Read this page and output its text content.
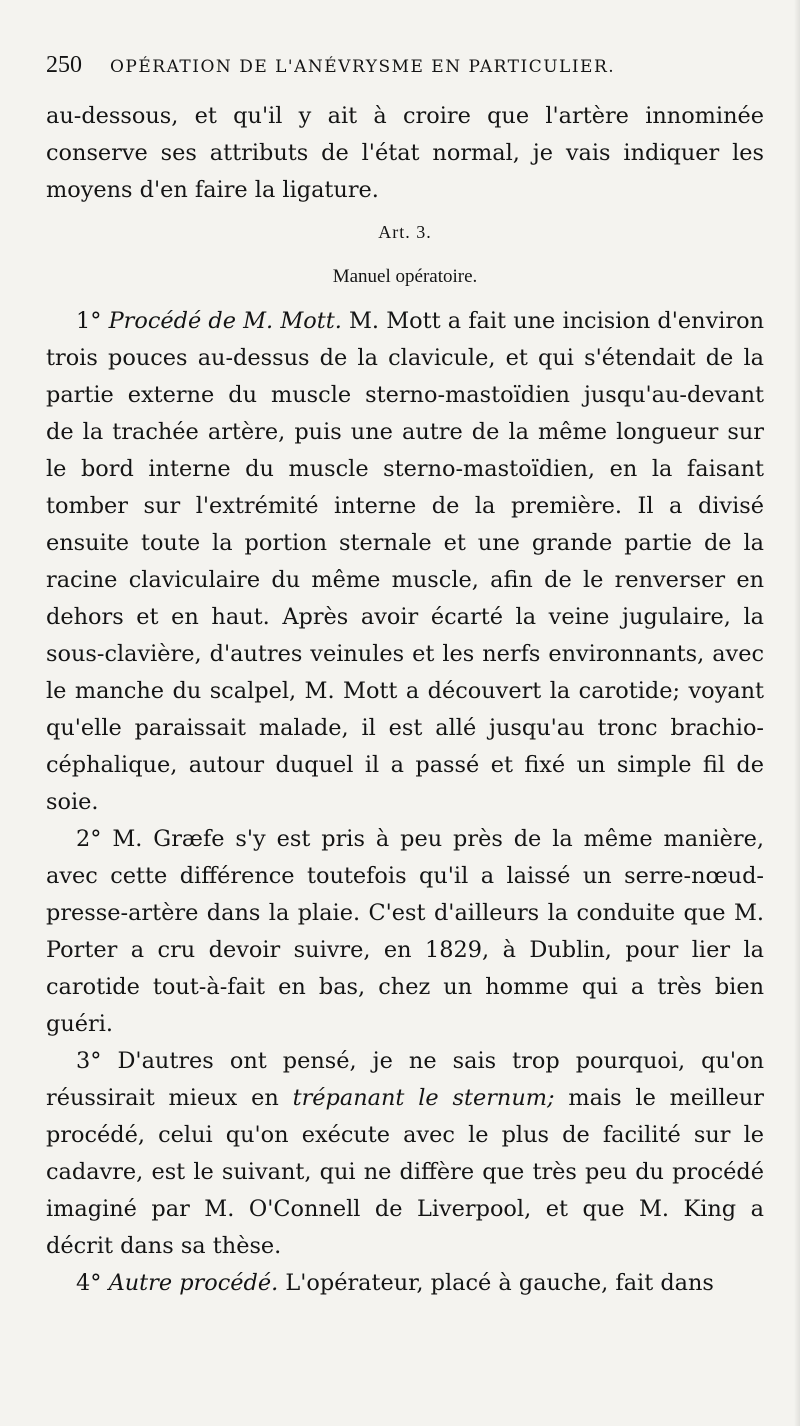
250 OPÉRATION DE L'ANÉVRYSME EN PARTICULIER.

au-dessous, et qu'il y ait à croire que l'artère innominée conserve ses attributs de l'état normal, je vais indiquer les moyens d'en faire la ligature.

Art. 3.
Manuel opératoire.

1° Procédé de M. Mott. M. Mott a fait une incision d'environ trois pouces au-dessus de la clavicule, et qui s'étendait de la partie externe du muscle sterno-mastoïdien jusqu'au-devant de la trachée artère, puis une autre de la même longueur sur le bord interne du muscle sterno-mastoïdien, en la faisant tomber sur l'extrémité interne de la première. Il a divisé ensuite toute la portion sternale et une grande partie de la racine claviculaire du même muscle, afin de le renverser en dehors et en haut. Après avoir écarté la veine jugulaire, la sous-clavière, d'autres veinules et les nerfs environnants, avec le manche du scalpel, M. Mott a découvert la carotide; voyant qu'elle paraissait malade, il est allé jusqu'au tronc brachio-céphalique, autour duquel il a passé et fixé un simple fil de soie.

2° M. Græfe s'y est pris à peu près de la même manière, avec cette différence toutefois qu'il a laissé un serre-nœud-presse-artère dans la plaie. C'est d'ailleurs la conduite que M. Porter a cru devoir suivre, en 1829, à Dublin, pour lier la carotide tout-à-fait en bas, chez un homme qui a très bien guéri.

3° D'autres ont pensé, je ne sais trop pourquoi, qu'on réussirait mieux en trépanant le sternum; mais le meilleur procédé, celui qu'on exécute avec le plus de facilité sur le cadavre, est le suivant, qui ne diffère que très peu du procédé imaginé par M. O'Connell de Liverpool, et que M. King a décrit dans sa thèse.

4° Autre procédé. L'opérateur, placé à gauche, fait dans
